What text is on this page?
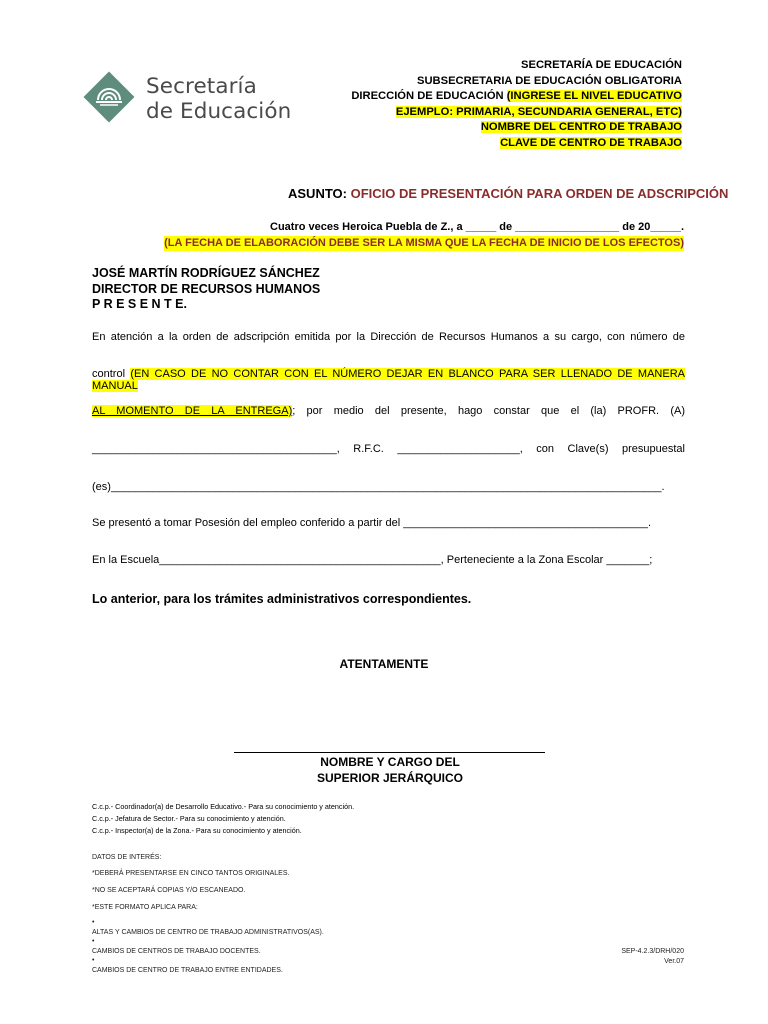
Secretaría
de Educación
SECRETARÍA DE EDUCACIÓN
SUBSECRETARIA DE EDUCACIÓN OBLIGATORIA
DIRECCIÓN DE EDUCACIÓN (INGRESE EL NIVEL EDUCATIVO
EJEMPLO: PRIMARIA, SECUNDARIA GENERAL, ETC)
NOMBRE DEL CENTRO DE TRABAJO
CLAVE DE CENTRO DE TRABAJO
ASUNTO: OFICIO DE PRESENTACIÓN PARA ORDEN DE ADSCRIPCIÓN
Cuatro veces Heroica Puebla de Z., a _____ de _________________ de 20_____.
(LA FECHA DE ELABORACIÓN DEBE SER LA MISMA QUE LA FECHA DE INICIO DE LOS EFECTOS)
JOSÉ MARTÍN RODRÍGUEZ SÁNCHEZ
DIRECTOR DE RECURSOS HUMANOS
P R E S E N T E.
En atención a la orden de adscripción emitida por la Dirección de Recursos Humanos a su cargo, con número de
control (EN CASO DE NO CONTAR CON EL NÚMERO DEJAR EN BLANCO PARA SER LLENADO DE MANERA MANUAL
AL MOMENTO DE LA ENTREGA); por medio del presente, hago constar que el (la) PROFR. (A)
________________________________________, R.F.C. ____________________, con Clave(s) presupuestal
(es)__________________________________________________________________________________________.
Se presentó a tomar Posesión del empleo conferido a partir del ________________________________________.
En la Escuela______________________________________________, Perteneciente a la Zona Escolar _______;
Lo anterior, para los trámites administrativos correspondientes.
ATENTAMENTE
NOMBRE Y CARGO DEL
SUPERIOR JERÁRQUICO
C.c.p.- Coordinador(a) de Desarrollo Educativo.- Para su conocimiento y atención.
C.c.p.- Jefatura de Sector.- Para su conocimiento y atención.
C.c.p.- Inspector(a) de la Zona.- Para su conocimiento y atención.
DATOS DE INTERÉS:
*DEBERÁ PRESENTARSE EN CINCO TANTOS ORIGINALES.
*NO SE ACEPTARÁ COPIAS Y/O ESCANEADO.
*ESTE FORMATO APLICA PARA:
•
ALTAS Y CAMBIOS DE CENTRO DE TRABAJO ADMINISTRATIVOS(AS).
•
CAMBIOS DE CENTROS DE TRABAJO DOCENTES.
•
CAMBIOS DE CENTRO DE TRABAJO ENTRE ENTIDADES.
SEP-4.2.3/DRH/020
Ver.07
